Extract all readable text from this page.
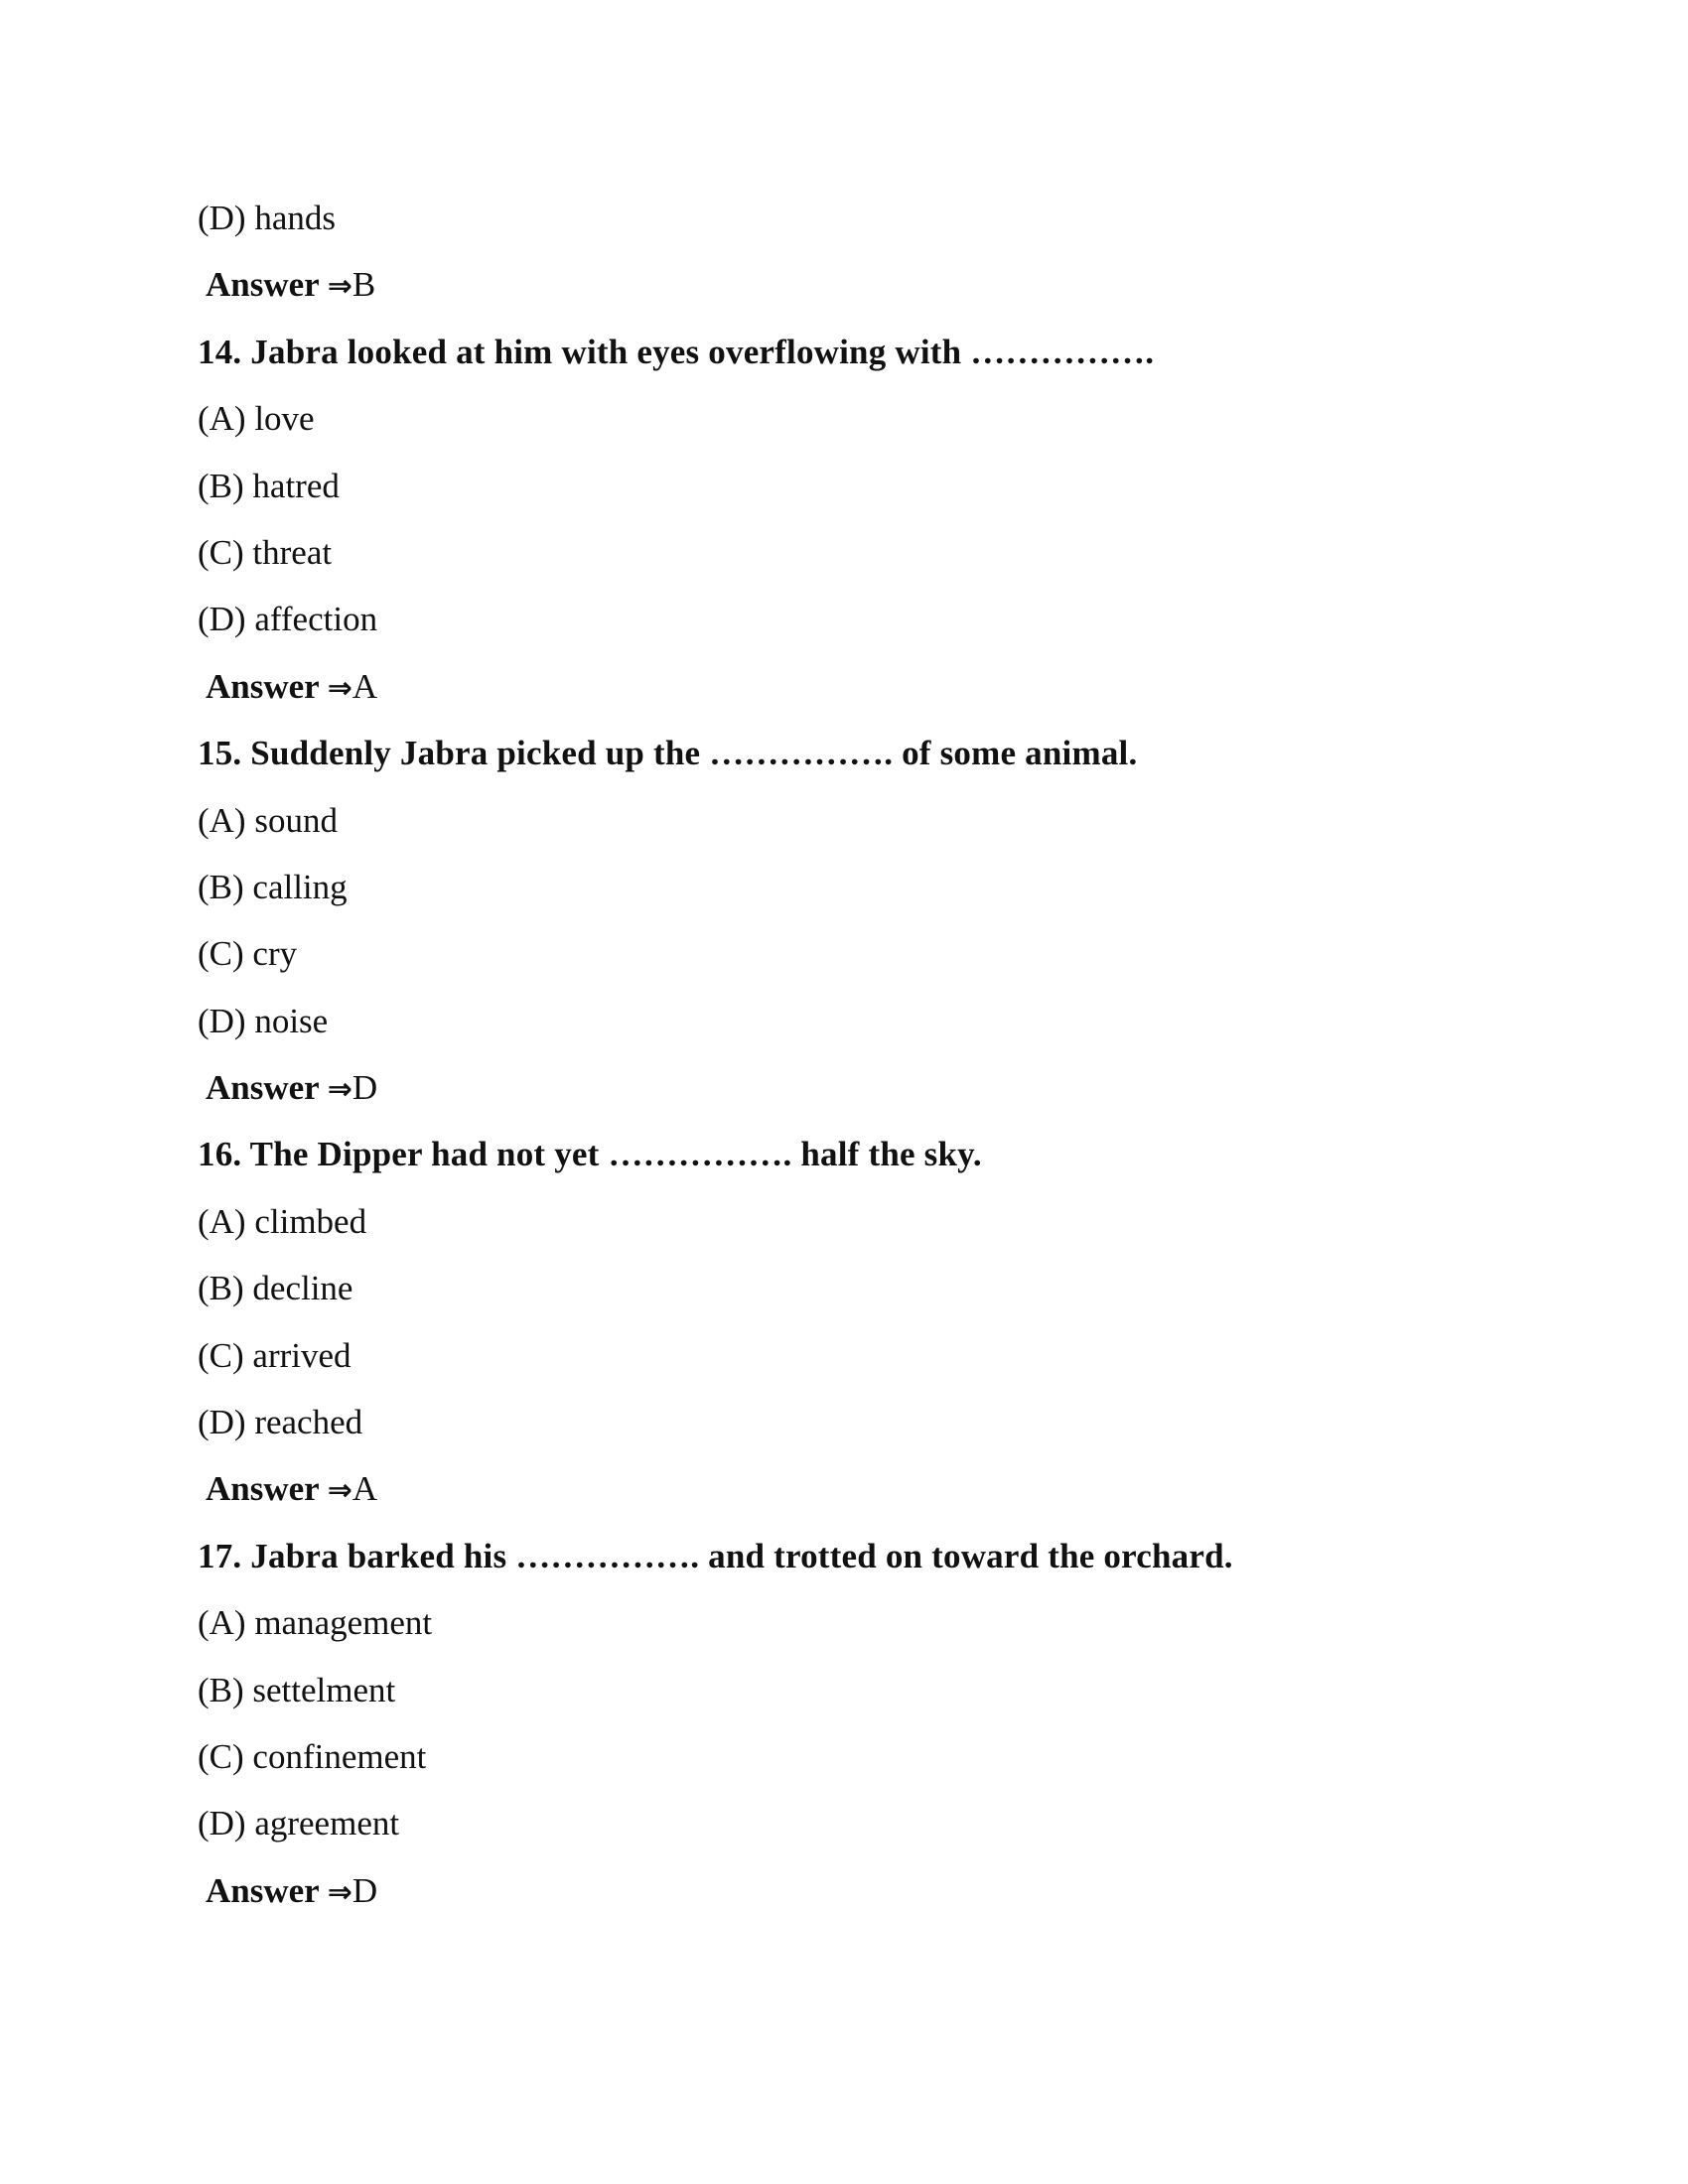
(D) hands
Answer ⇒B
14. Jabra looked at him with eyes overflowing with …………….
(A) love
(B) hatred
(C) threat
(D) affection
Answer ⇒A
15. Suddenly Jabra picked up the ……………. of some animal.
(A) sound
(B) calling
(C) cry
(D) noise
Answer ⇒D
16. The Dipper had not yet ……………. half the sky.
(A) climbed
(B) decline
(C) arrived
(D) reached
Answer ⇒A
17. Jabra barked his ……………. and trotted on toward the orchard.
(A) management
(B) settelment
(C) confinement
(D) agreement
Answer ⇒D
